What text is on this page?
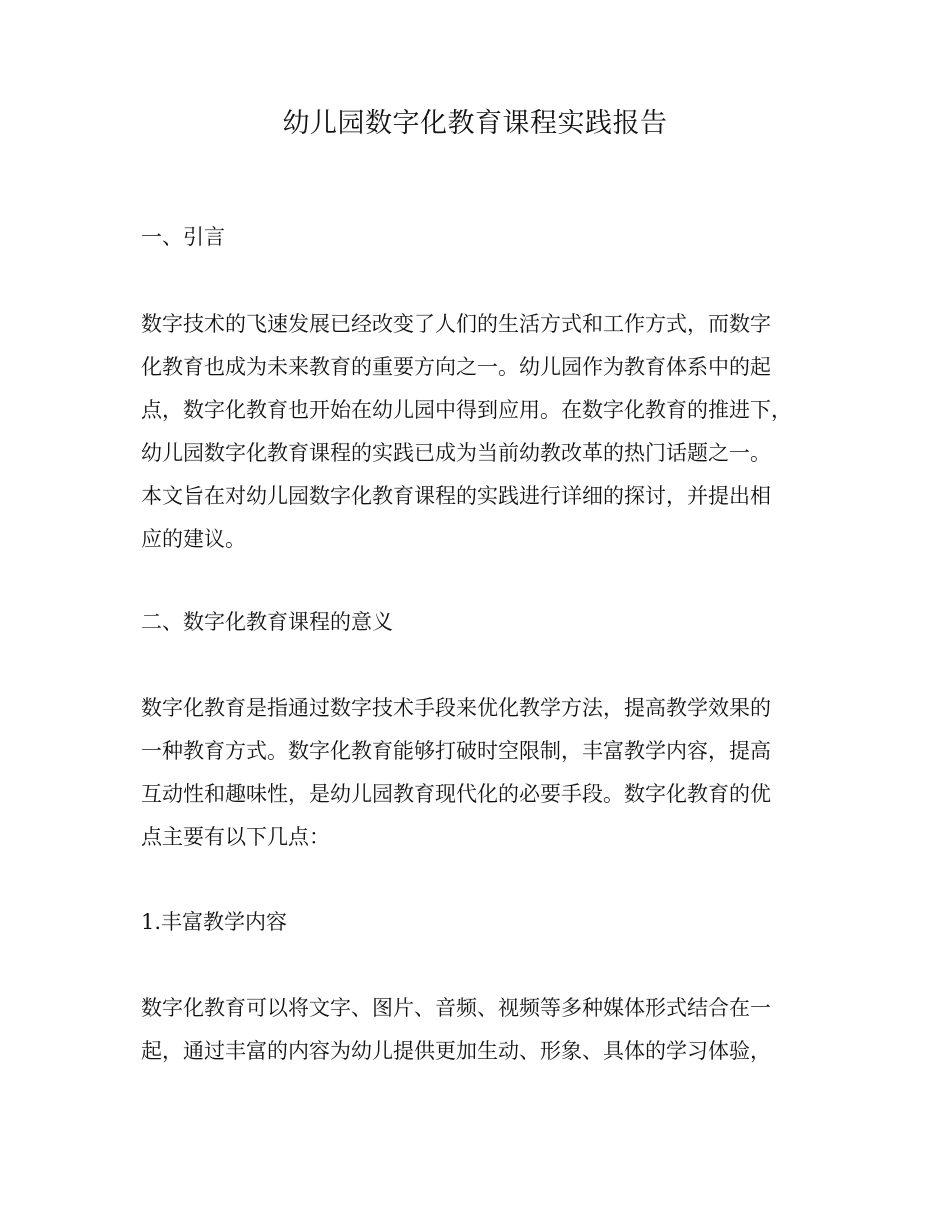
幼儿园数字化教育课程实践报告
一、引言
数字技术的飞速发展已经改变了人们的生活方式和工作方式，而数字
化教育也成为未来教育的重要方向之一。幼儿园作为教育体系中的起
点，数字化教育也开始在幼儿园中得到应用。在数字化教育的推进下，
幼儿园数字化教育课程的实践已成为当前幼教改革的热门话题之一。
本文旨在对幼儿园数字化教育课程的实践进行详细的探讨，并提出相
应的建议。
二、数字化教育课程的意义
数字化教育是指通过数字技术手段来优化教学方法，提高教学效果的
一种教育方式。数字化教育能够打破时空限制，丰富教学内容，提高
互动性和趣味性，是幼儿园教育现代化的必要手段。数字化教育的优
点主要有以下几点：
1.丰富教学内容
数字化教育可以将文字、图片、音频、视频等多种媒体形式结合在一
起，通过丰富的内容为幼儿提供更加生动、形象、具体的学习体验，
